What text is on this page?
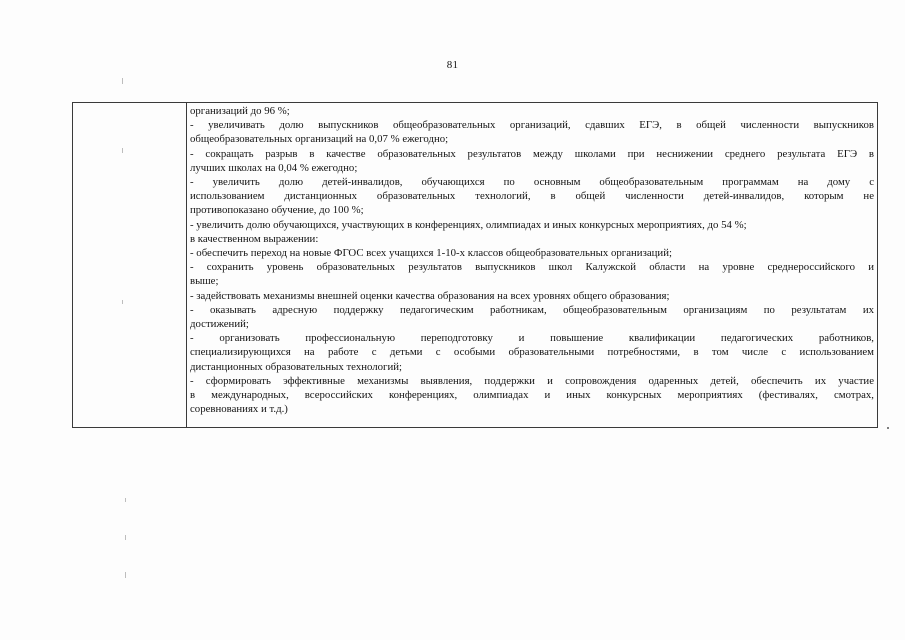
81
организаций до 96 %;
- увеличивать долю выпускников общеобразовательных организаций, сдавших ЕГЭ, в общей численности выпускников
общеобразовательных организаций на 0,07 % ежегодно;
- сокращать разрыв в качестве образовательных результатов между школами при неснижении среднего результата ЕГЭ в
лучших школах на 0,04 % ежегодно;
- увеличить долю детей-инвалидов, обучающихся по основным общеобразовательным программам на дому с
использованием дистанционных образовательных технологий, в общей численности детей-инвалидов, которым не
противопоказано обучение, до 100 %;
- увеличить долю обучающихся, участвующих в конференциях, олимпиадах и иных конкурсных мероприятиях, до 54 %;
в качественном выражении:
- обеспечить переход на новые ФГОС всех учащихся 1-10-х классов общеобразовательных организаций;
- сохранить уровень образовательных результатов выпускников школ Калужской области на уровне среднероссийского и
выше;
- задействовать механизмы внешней оценки качества образования на всех уровнях общего образования;
- оказывать адресную поддержку педагогическим работникам, общеобразовательным организациям по результатам их
достижений;
- организовать профессиональную переподготовку и повышение квалификации педагогических работников,
специализирующихся на работе с детьми с особыми образовательными потребностями, в том числе с использованием
дистанционных образовательных технологий;
- сформировать эффективные механизмы выявления, поддержки и сопровождения одаренных детей, обеспечить их участие
в международных, всероссийских конференциях, олимпиадах и иных конкурсных мероприятиях (фестивалях, смотрах,
соревнованиях и т.д.)
